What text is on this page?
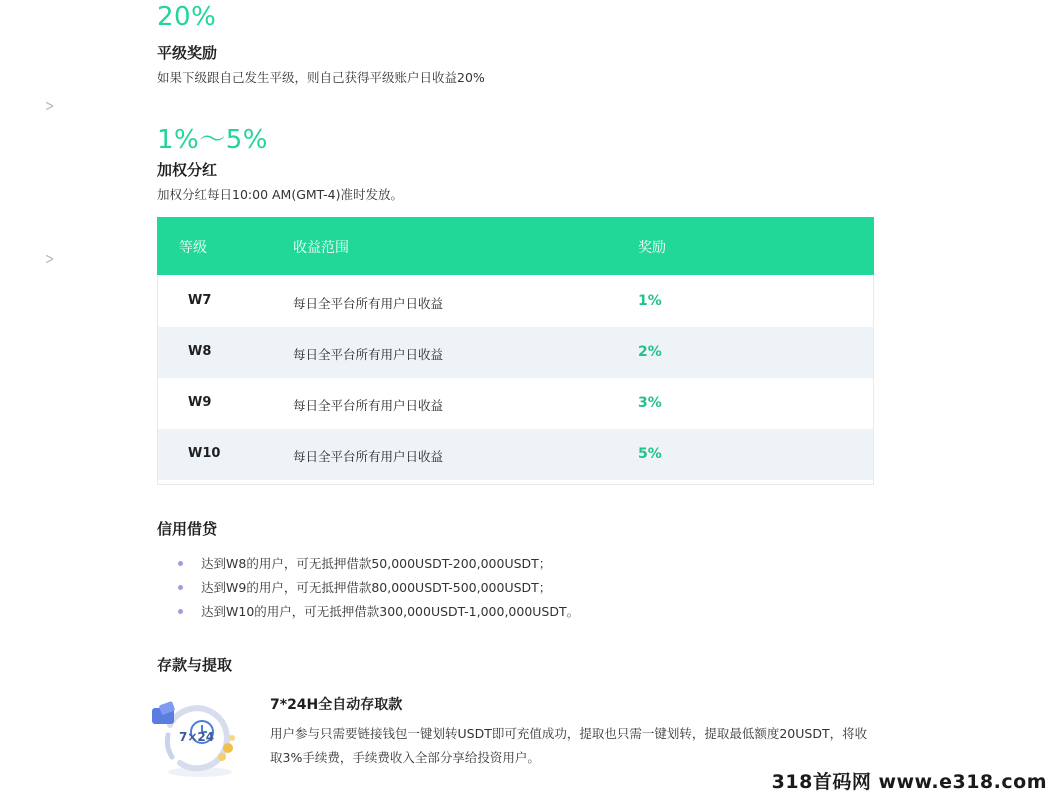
>
>
20%
平级奖励
如果下级跟自己发生平级，则自己获得平级账户日收益20%
1%～5%
加权分红
加权分红每日10:00 AM(GMT-4)准时发放。
等级	收益范围	奖励
W7	每日全平台所有用户日收益	1%
W8	每日全平台所有用户日收益	2%
W9	每日全平台所有用户日收益	3%
W10	每日全平台所有用户日收益	5%
信用借贷
达到W8的用户，可无抵押借款50,000USDT-200,000USDT；
达到W9的用户，可无抵押借款80,000USDT-500,000USDT；
达到W10的用户，可无抵押借款300,000USDT-1,000,000USDT。
存款与提取
7×24
7*24H全自动存取款
用户参与只需要链接钱包一键划转USDT即可充值成功，提取也只需一键划转，提取最低额度20USDT，将收取3%手续费，手续费收入全部分享给投资用户。
318首码网 www.e318.com
